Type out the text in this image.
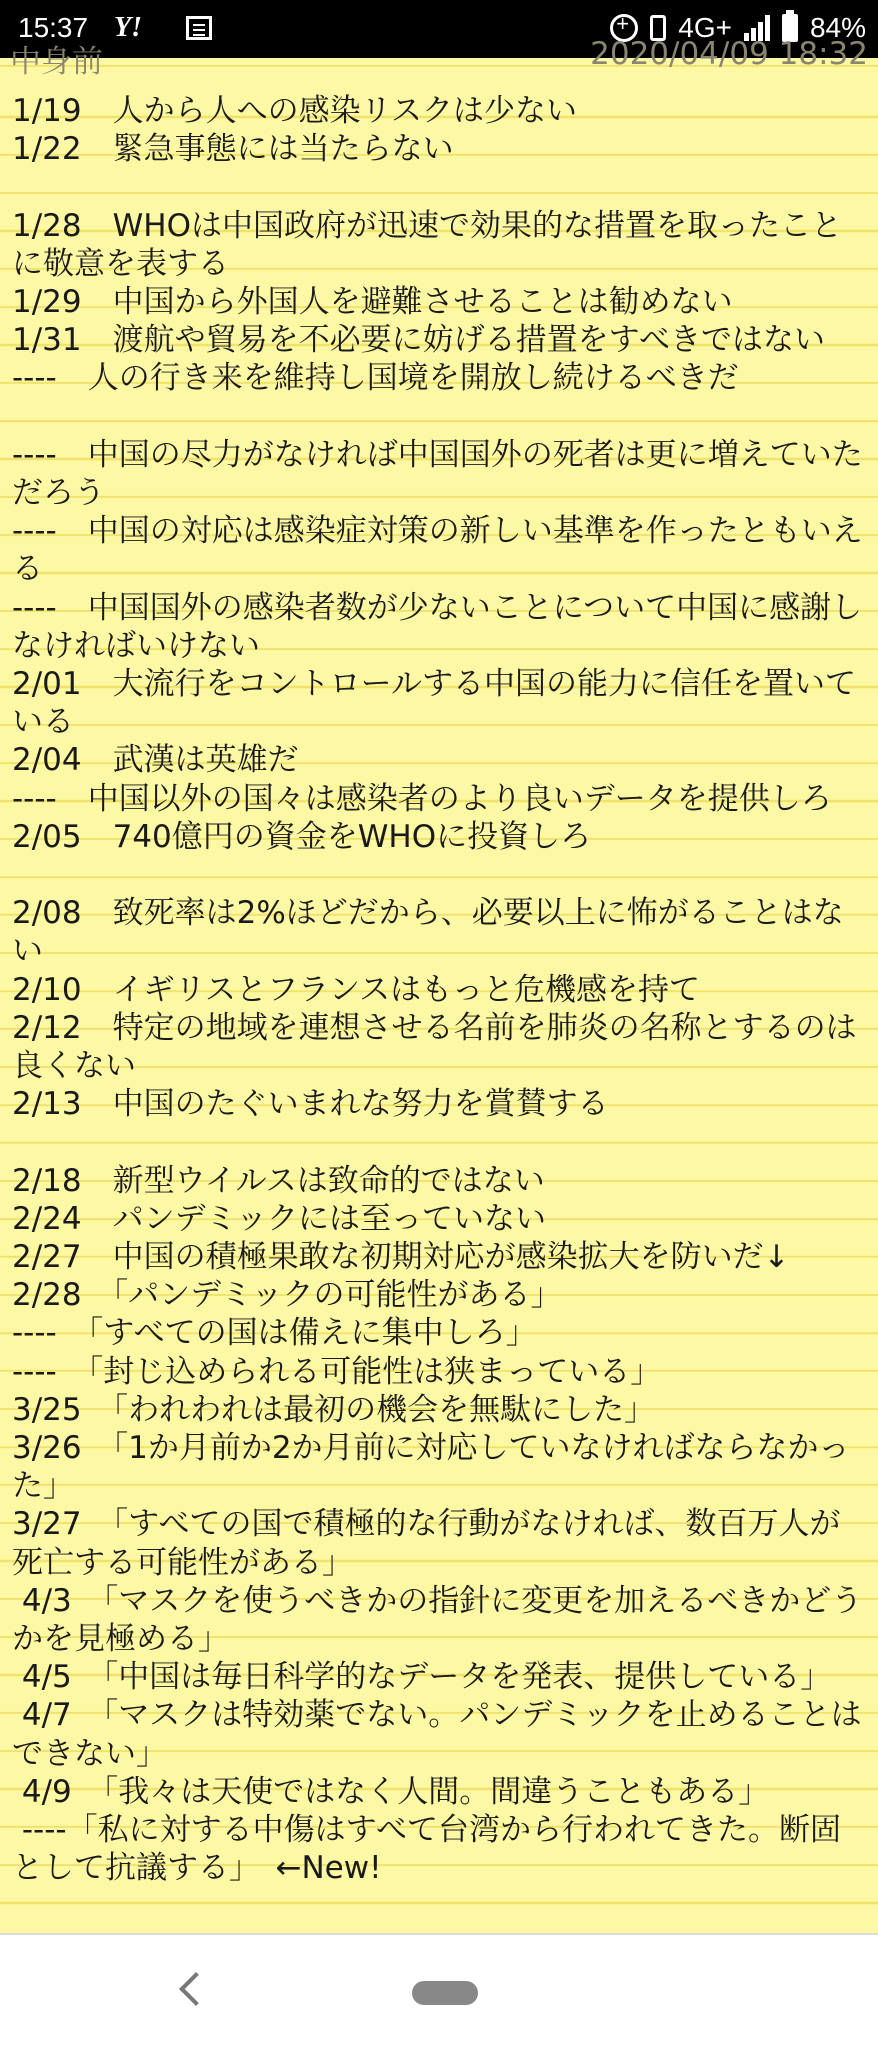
15:37 Y!
+	4G+	84%
中身前	2020/04/09 18:32
1/19　人から人への感染リスクは少ない
1/22　緊急事態には当たらない
1/28　WHOは中国政府が迅速で効果的な措置を取ったことに敬意を表する
1/29　中国から外国人を避難させることは勧めない
1/31　渡航や貿易を不必要に妨げる措置をすべきではない
----　人の行き来を維持し国境を開放し続けるべきだ
----　中国の尽力がなければ中国国外の死者は更に増えていただろう
----　中国の対応は感染症対策の新しい基準を作ったともいえる
----　中国国外の感染者数が少ないことについて中国に感謝しなければいけない
2/01　大流行をコントロールする中国の能力に信任を置いている
2/04　武漢は英雄だ
----　中国以外の国々は感染者のより良いデータを提供しろ
2/05　740億円の資金をWHOに投資しろ
2/08　致死率は2%ほどだから、必要以上に怖がることはない
2/10　イギリスとフランスはもっと危機感を持て
2/12　特定の地域を連想させる名前を肺炎の名称とするのは良くない
2/13　中国のたぐいまれな努力を賞賛する
2/18　新型ウイルスは致命的ではない
2/24　パンデミックには至っていない
2/27　中国の積極果敢な初期対応が感染拡大を防いだ↓
2/28　「パンデミックの可能性がある」
----　「すべての国は備えに集中しろ」
----　「封じ込められる可能性は狭まっている」
3/25　「われわれは最初の機会を無駄にした」
3/26　「1か月前か2か月前に対応していなければならなかった」
3/27　「すべての国で積極的な行動がなければ、数百万人が死亡する可能性がある」
4/3　「マスクを使うべきかの指針に変更を加えるべきかどうかを見極める」
4/5　「中国は毎日科学的なデータを発表、提供している」
4/7　「マスクは特効薬でない。パンデミックを止めることはできない」
4/9　「我々は天使ではなく人間。間違うこともある」
----「私に対する中傷はすべて台湾から行われてきた。断固として抗議する」　←New!
